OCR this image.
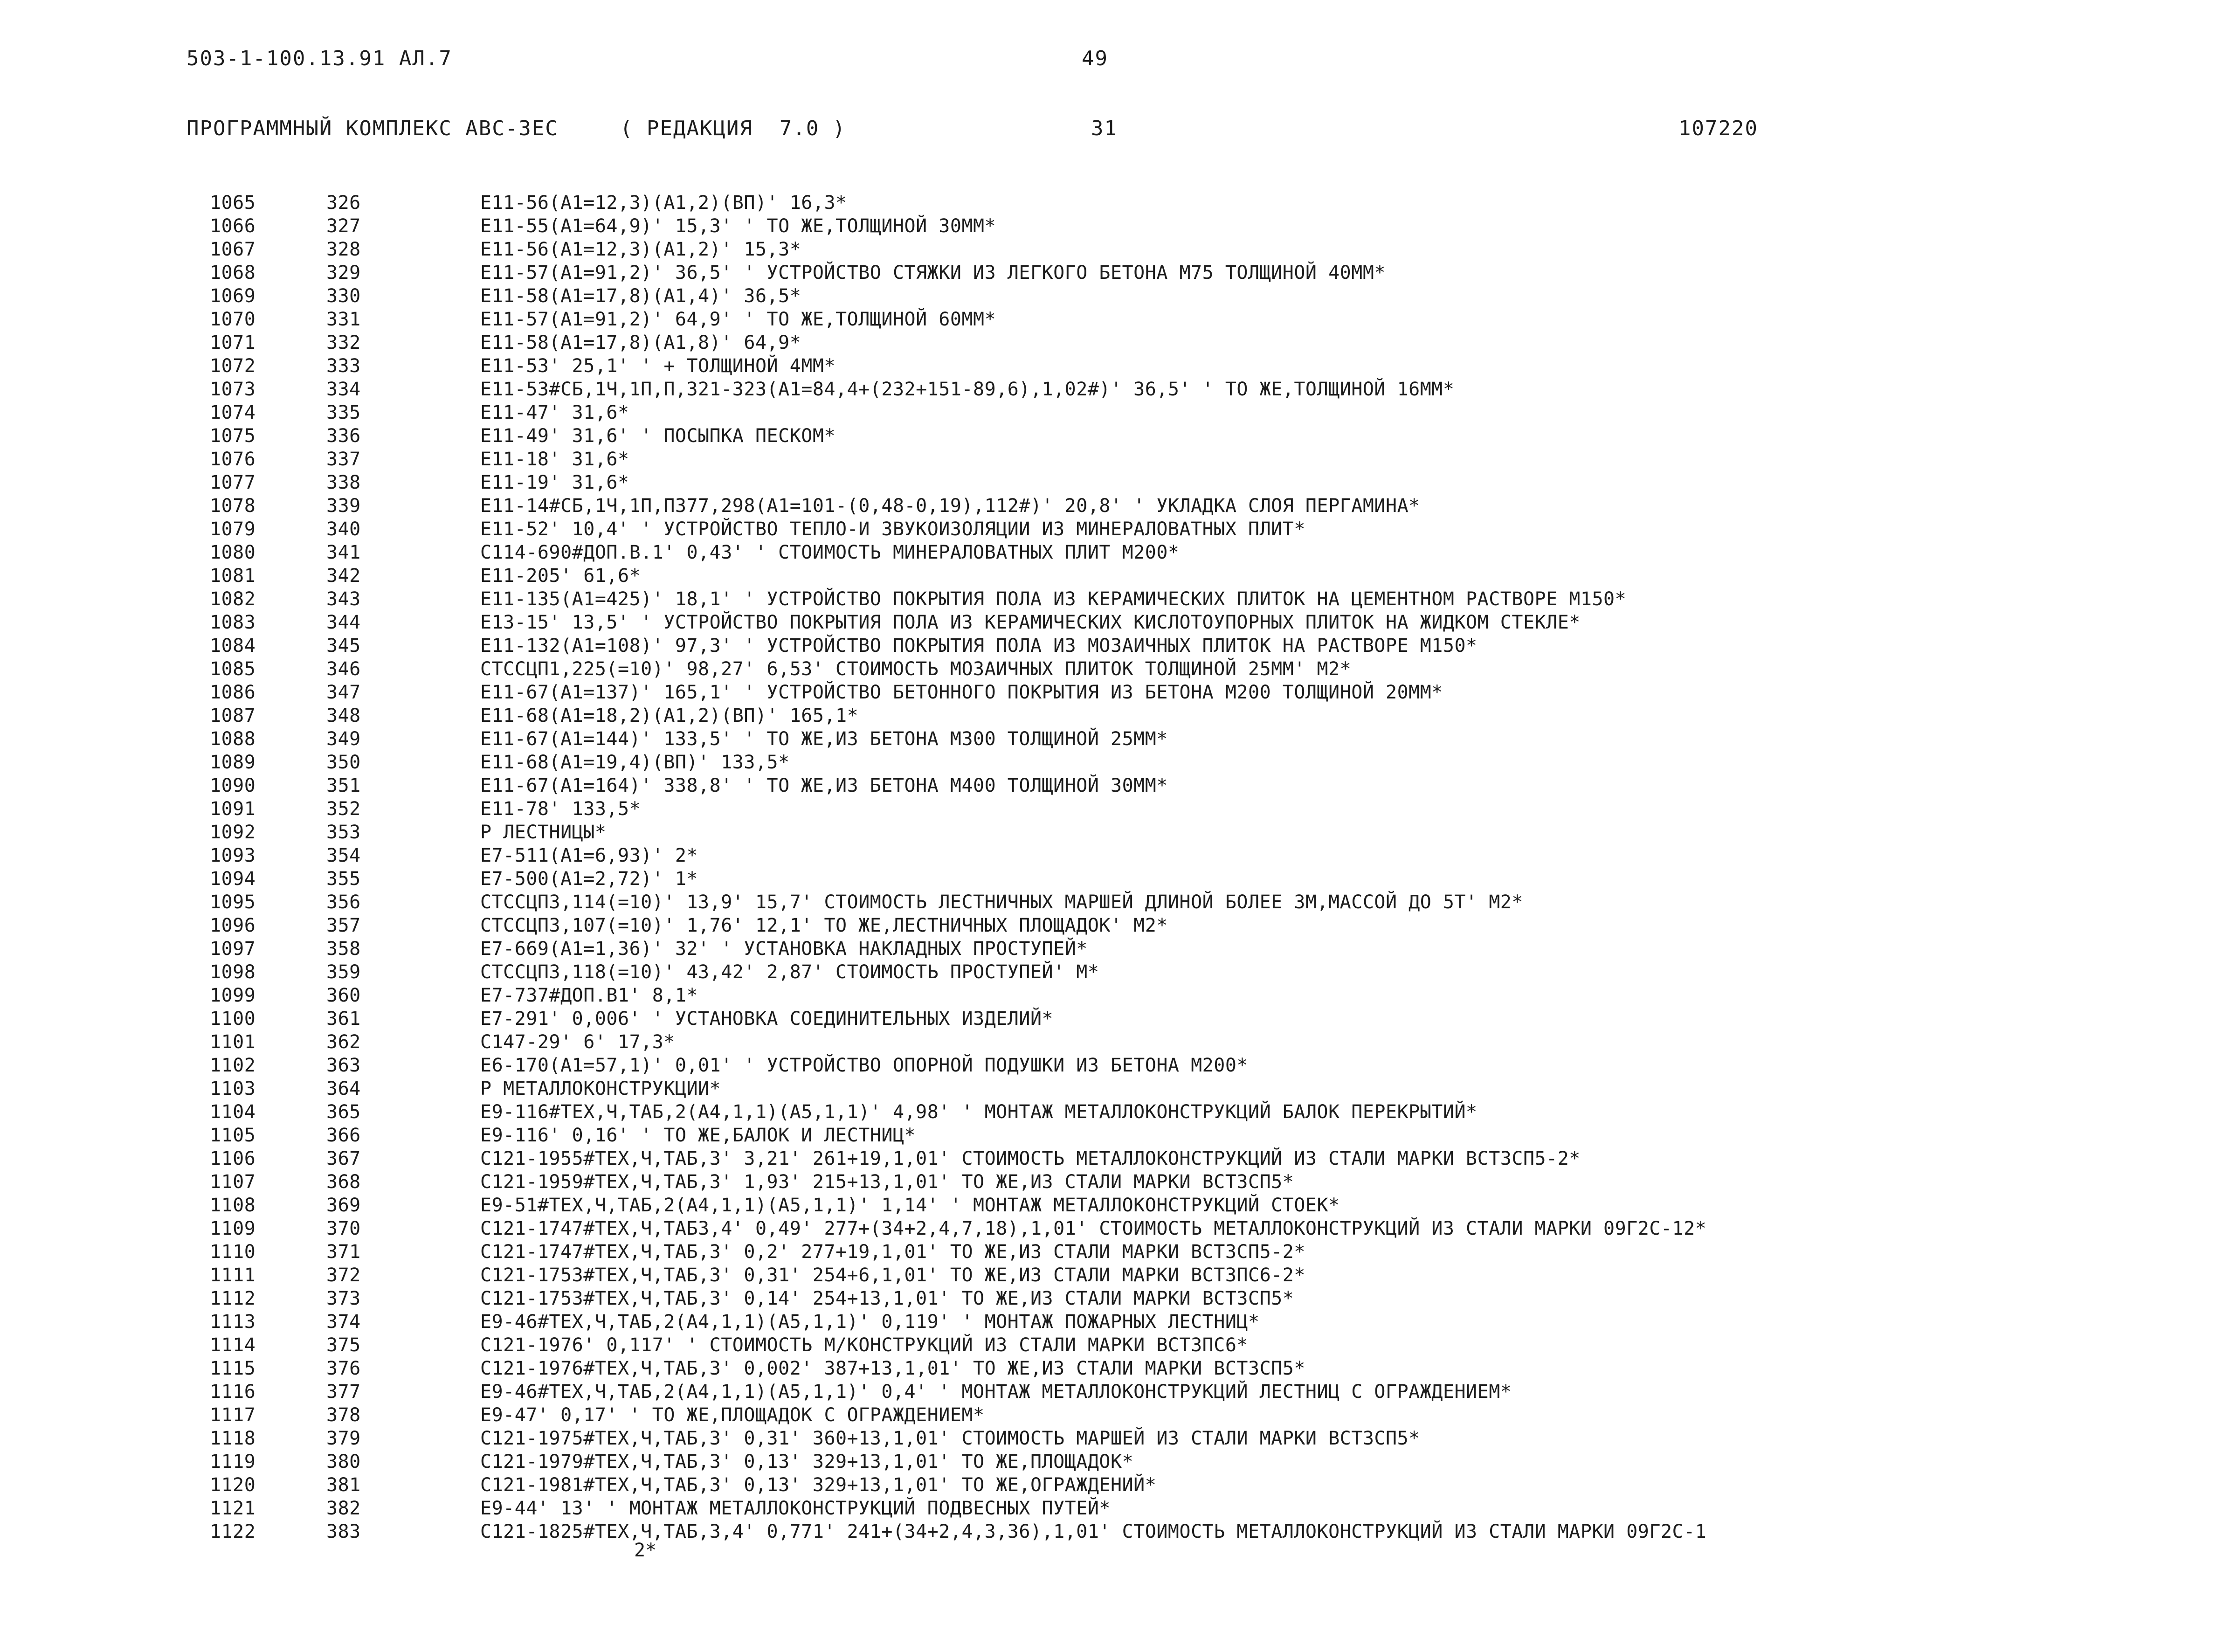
503-1-100.13.91 АЛ.7	49
ПРОГРАММНЫЙ КОМПЛЕКС АВС-3ЕС	( РЕДАКЦИЯ  7.0 )	31	107220
1065	326	E11-56(A1=12,3)(A1,2)(ВП)' 16,3*
1066	327	E11-55(A1=64,9)' 15,3' ' ТО ЖЕ,ТОЛЩИНОЙ 30ММ*
1067	328	E11-56(A1=12,3)(A1,2)' 15,3*
1068	329	E11-57(A1=91,2)' 36,5' ' УСТРОЙСТВО СТЯЖКИ ИЗ ЛЕГКОГО БЕТОНА М75 ТОЛЩИНОЙ 40ММ*
1069	330	E11-58(A1=17,8)(A1,4)' 36,5*
1070	331	E11-57(A1=91,2)' 64,9' ' ТО ЖЕ,ТОЛЩИНОЙ 60ММ*
1071	332	E11-58(A1=17,8)(A1,8)' 64,9*
1072	333	E11-53' 25,1' ' + ТОЛЩИНОЙ 4ММ*
1073	334	E11-53#СБ,1Ч,1П,П,321-323(A1=84,4+(232+151-89,6),1,02#)' 36,5' ' ТО ЖЕ,ТОЛЩИНОЙ 16ММ*
1074	335	E11-47' 31,6*
1075	336	E11-49' 31,6' ' ПОСЫПКА ПЕСКОМ*
1076	337	E11-18' 31,6*
1077	338	E11-19' 31,6*
1078	339	E11-14#СБ,1Ч,1П,П377,298(A1=101-(0,48-0,19),112#)' 20,8' ' УКЛАДКА СЛОЯ ПЕРГАМИНА*
1079	340	E11-52' 10,4' ' УСТРОЙСТВО ТЕПЛО-И ЗВУКОИЗОЛЯЦИИ ИЗ МИНЕРАЛОВАТНЫХ ПЛИТ*
1080	341	C114-690#ДОП.В.1' 0,43' ' СТОИМОСТЬ МИНЕРАЛОВАТНЫХ ПЛИТ М200*
1081	342	E11-205' 61,6*
1082	343	E11-135(A1=425)' 18,1' ' УСТРОЙСТВО ПОКРЫТИЯ ПОЛА ИЗ КЕРАМИЧЕСКИХ ПЛИТОК НА ЦЕМЕНТНОМ РАСТВОРЕ М150*
1083	344	E13-15' 13,5' ' УСТРОЙСТВО ПОКРЫТИЯ ПОЛА ИЗ КЕРАМИЧЕСКИХ КИСЛОТОУПОРНЫХ ПЛИТОК НА ЖИДКОМ СТЕКЛЕ*
1084	345	E11-132(A1=108)' 97,3' ' УСТРОЙСТВО ПОКРЫТИЯ ПОЛА ИЗ МОЗАИЧНЫХ ПЛИТОК НА РАСТВОРЕ М150*
1085	346	СТССЦП1,225(=10)' 98,27' 6,53' СТОИМОСТЬ МОЗАИЧНЫХ ПЛИТОК ТОЛЩИНОЙ 25ММ' М2*
1086	347	E11-67(A1=137)' 165,1' ' УСТРОЙСТВО БЕТОННОГО ПОКРЫТИЯ ИЗ БЕТОНА М200 ТОЛЩИНОЙ 20ММ*
1087	348	E11-68(A1=18,2)(A1,2)(ВП)' 165,1*
1088	349	E11-67(A1=144)' 133,5' ' ТО ЖЕ,ИЗ БЕТОНА М300 ТОЛЩИНОЙ 25ММ*
1089	350	E11-68(A1=19,4)(ВП)' 133,5*
1090	351	E11-67(A1=164)' 338,8' ' ТО ЖЕ,ИЗ БЕТОНА М400 ТОЛЩИНОЙ 30ММ*
1091	352	E11-78' 133,5*
1092	353	Р ЛЕСТНИЦЫ*
1093	354	E7-511(A1=6,93)' 2*
1094	355	E7-500(A1=2,72)' 1*
1095	356	СТССЦП3,114(=10)' 13,9' 15,7' СТОИМОСТЬ ЛЕСТНИЧНЫХ МАРШЕЙ ДЛИНОЙ БОЛЕЕ 3М,МАССОЙ ДО 5Т' М2*
1096	357	СТССЦП3,107(=10)' 1,76' 12,1' ТО ЖЕ,ЛЕСТНИЧНЫХ ПЛОЩАДОК' М2*
1097	358	E7-669(A1=1,36)' 32' ' УСТАНОВКА НАКЛАДНЫХ ПРОСТУПЕЙ*
1098	359	СТССЦП3,118(=10)' 43,42' 2,87' СТОИМОСТЬ ПРОСТУПЕЙ' М*
1099	360	E7-737#ДОП.В1' 8,1*
1100	361	E7-291' 0,006' ' УСТАНОВКА СОЕДИНИТЕЛЬНЫХ ИЗДЕЛИЙ*
1101	362	C147-29' 6' 17,3*
1102	363	E6-170(A1=57,1)' 0,01' ' УСТРОЙСТВО ОПОРНОЙ ПОДУШКИ ИЗ БЕТОНА М200*
1103	364	Р МЕТАЛЛОКОНСТРУКЦИИ*
1104	365	E9-116#ТЕХ,Ч,ТАБ,2(A4,1,1)(A5,1,1)' 4,98' ' МОНТАЖ МЕТАЛЛОКОНСТРУКЦИЙ БАЛОК ПЕРЕКРЫТИЙ*
1105	366	E9-116' 0,16' ' ТО ЖЕ,БАЛОК И ЛЕСТНИЦ*
1106	367	C121-1955#ТЕХ,Ч,ТАБ,3' 3,21' 261+19,1,01' СТОИМОСТЬ МЕТАЛЛОКОНСТРУКЦИЙ ИЗ СТАЛИ МАРКИ ВСТ3СП5-2*
1107	368	C121-1959#ТЕХ,Ч,ТАБ,3' 1,93' 215+13,1,01' ТО ЖЕ,ИЗ СТАЛИ МАРКИ ВСТ3СП5*
1108	369	E9-51#ТЕХ,Ч,ТАБ,2(A4,1,1)(A5,1,1)' 1,14' ' МОНТАЖ МЕТАЛЛОКОНСТРУКЦИЙ СТОЕК*
1109	370	C121-1747#ТЕХ,Ч,ТАБ3,4' 0,49' 277+(34+2,4,7,18),1,01' СТОИМОСТЬ МЕТАЛЛОКОНСТРУКЦИЙ ИЗ СТАЛИ МАРКИ 09Г2С-12*
1110	371	C121-1747#ТЕХ,Ч,ТАБ,3' 0,2' 277+19,1,01' ТО ЖЕ,ИЗ СТАЛИ МАРКИ ВСТ3СП5-2*
1111	372	C121-1753#ТЕХ,Ч,ТАБ,3' 0,31' 254+6,1,01' ТО ЖЕ,ИЗ СТАЛИ МАРКИ ВСТ3ПС6-2*
1112	373	C121-1753#ТЕХ,Ч,ТАБ,3' 0,14' 254+13,1,01' ТО ЖЕ,ИЗ СТАЛИ МАРКИ ВСТ3СП5*
1113	374	E9-46#ТЕХ,Ч,ТАБ,2(A4,1,1)(A5,1,1)' 0,119' ' МОНТАЖ ПОЖАРНЫХ ЛЕСТНИЦ*
1114	375	C121-1976' 0,117' ' СТОИМОСТЬ М/КОНСТРУКЦИЙ ИЗ СТАЛИ МАРКИ ВСТ3ПС6*
1115	376	C121-1976#ТЕХ,Ч,ТАБ,3' 0,002' 387+13,1,01' ТО ЖЕ,ИЗ СТАЛИ МАРКИ ВСТ3СП5*
1116	377	E9-46#ТЕХ,Ч,ТАБ,2(A4,1,1)(A5,1,1)' 0,4' ' МОНТАЖ МЕТАЛЛОКОНСТРУКЦИЙ ЛЕСТНИЦ С ОГРАЖДЕНИЕМ*
1117	378	E9-47' 0,17' ' ТО ЖЕ,ПЛОЩАДОК С ОГРАЖДЕНИЕМ*
1118	379	C121-1975#ТЕХ,Ч,ТАБ,3' 0,31' 360+13,1,01' СТОИМОСТЬ МАРШЕЙ ИЗ СТАЛИ МАРКИ ВСТ3СП5*
1119	380	C121-1979#ТЕХ,Ч,ТАБ,3' 0,13' 329+13,1,01' ТО ЖЕ,ПЛОЩАДОК*
1120	381	C121-1981#ТЕХ,Ч,ТАБ,3' 0,13' 329+13,1,01' ТО ЖЕ,ОГРАЖДЕНИЙ*
1121	382	E9-44' 13' ' МОНТАЖ МЕТАЛЛОКОНСТРУКЦИЙ ПОДВЕСНЫХ ПУТЕЙ*
1122	383	C121-1825#ТЕХ,Ч,ТАБ,3,4' 0,771' 241+(34+2,4,3,36),1,01' СТОИМОСТЬ МЕТАЛЛОКОНСТРУКЦИЙ ИЗ СТАЛИ МАРКИ 09Г2С-1
2*
